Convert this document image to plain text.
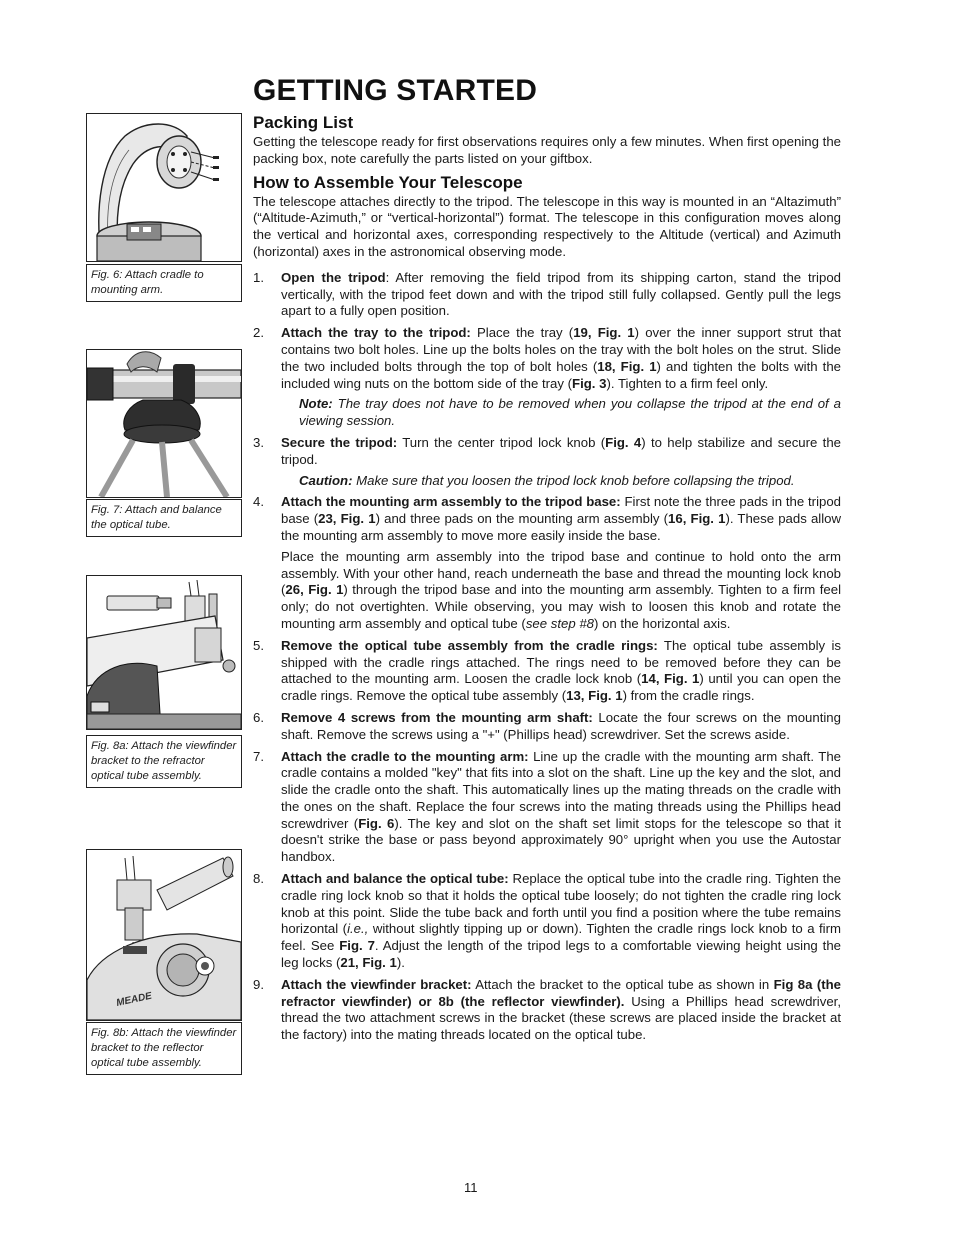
GETTING STARTED
Fig. 6: Attach cradle to mounting arm.
Fig. 7: Attach and balance the optical tube.
Fig. 8a: Attach the viewfinder bracket to the refractor optical tube assembly.
MEADE
Fig. 8b: Attach the viewfinder bracket to the reflector optical tube assembly.
Packing List

Getting the telescope ready for first observations requires only a few minutes. When first opening the packing box, note carefully the parts listed on your giftbox.

How to Assemble Your Telescope

The telescope attaches directly to the tripod. The telescope in this way is mounted in an “Altazimuth” (“Altitude-Azimuth,” or “vertical-horizontal”) format. The telescope in this configuration moves along the vertical and horizontal axes, corresponding respectively to the Altitude (vertical) and Azimuth (horizontal) axes in the astronomical observing mode.

1. Open the tripod: After removing the field tripod from its shipping carton, stand the tripod vertically, with the tripod feet down and with the tripod still fully collapsed. Gently pull the legs apart to a fully open position.

2. Attach the tray to the tripod: Place the tray (19, Fig. 1) over the inner support strut that contains two bolt holes. Line up the bolts holes on the tray with the bolt holes on the strut. Slide the two included bolts through the top of bolt holes (18, Fig. 1) and tighten the bolts with the included wing nuts on the bottom side of the tray (Fig. 3). Tighten to a firm feel only.

Note: The tray does not have to be removed when you collapse the tripod at the end of a viewing session.

3. Secure the tripod: Turn the center tripod lock knob (Fig. 4) to help stabilize and secure the tripod.

Caution: Make sure that you loosen the tripod lock knob before collapsing the tripod.

4. Attach the mounting arm assembly to the tripod base: First note the three pads in the tripod base (23, Fig. 1) and three pads on the mounting arm assembly (16, Fig. 1). These pads allow the mounting arm assembly to move more easily inside the base.

Place the mounting arm assembly into the tripod base and continue to hold onto the arm assembly. With your other hand, reach underneath the base and thread the mounting lock knob (26, Fig. 1) through the tripod base and into the mounting arm assembly. Tighten to a firm feel only; do not overtighten. While observing, you may wish to loosen this knob and rotate the mounting arm assembly and optical tube (see step #8) on the horizontal axis.

5. Remove the optical tube assembly from the cradle rings: The optical tube assembly is shipped with the cradle rings attached. The rings need to be removed before they can be attached to the mounting arm. Loosen the cradle lock knob (14, Fig. 1) until you can open the cradle rings. Remove the optical tube assembly (13, Fig. 1) from the cradle rings.

6. Remove 4 screws from the mounting arm shaft: Locate the four screws on the mounting shaft. Remove the screws using a "+" (Phillips head) screwdriver. Set the screws aside.

7. Attach the cradle to the mounting arm: Line up the cradle with the mounting arm shaft. The cradle contains a molded "key" that fits into a slot on the shaft. Line up the key and the slot, and slide the cradle onto the shaft. This automatically lines up the mating threads on the cradle with the ones on the shaft. Replace the four screws into the mating threads using the Phillips head screwdriver (Fig. 6). The key and slot on the shaft set limit stops for the telescope so that it doesn't strike the base or pass beyond approximately 90° upright when you use the Autostar handbox.

8. Attach and balance the optical tube: Replace the optical tube into the cradle ring. Tighten the cradle ring lock knob so that it holds the optical tube loosely; do not tighten the cradle ring lock knob at this point. Slide the tube back and forth until you find a position where the tube remains horizontal (i.e., without slightly tipping up or down). Tighten the cradle rings lock knob to a firm feel. See Fig. 7. Adjust the length of the tripod legs to a comfortable viewing height using the leg locks (21, Fig. 1).

9. Attach the viewfinder bracket: Attach the bracket to the optical tube as shown in Fig 8a (the refractor viewfinder) or 8b (the reflector viewfinder). Using a Phillips head screwdriver, thread the two attachment screws in the bracket (these screws are placed inside the bracket at the factory) into the mating threads located on the optical tube.

11
